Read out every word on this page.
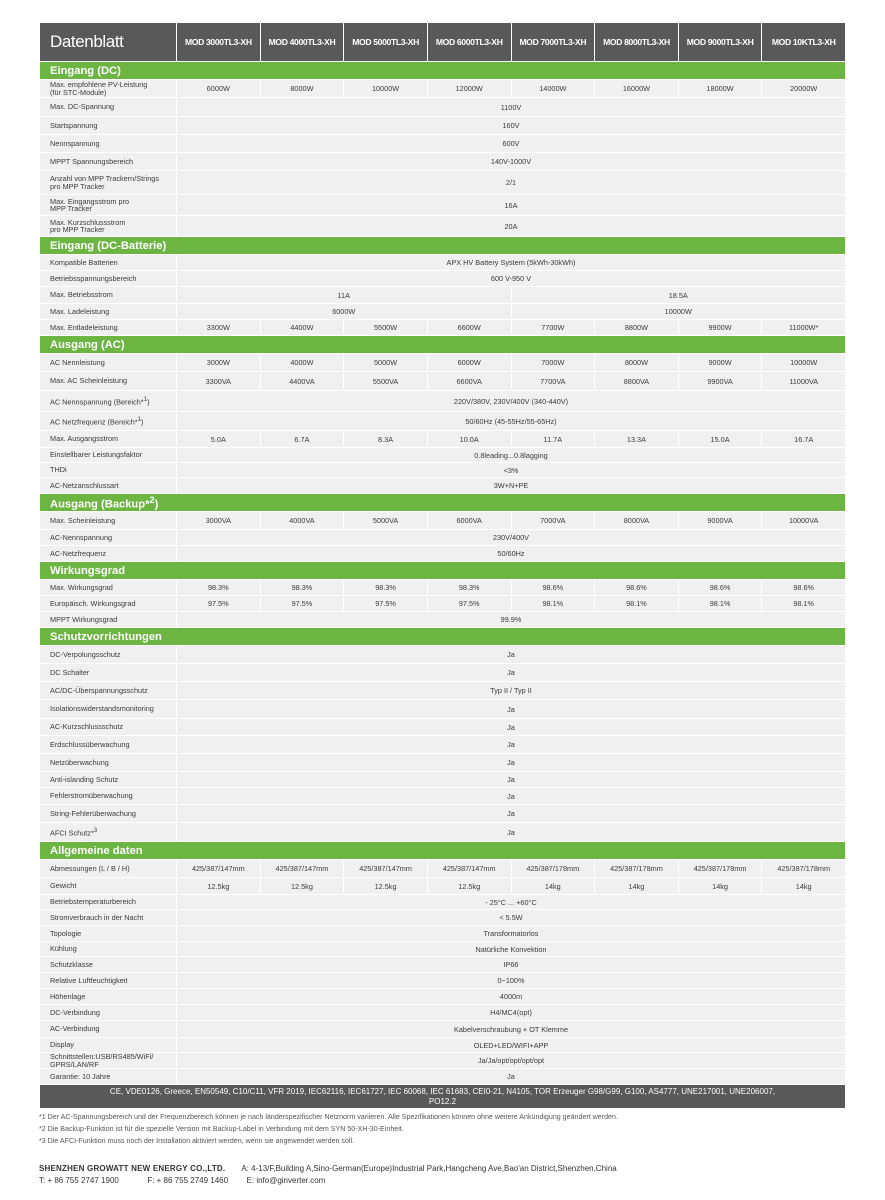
Datenblatt	MOD 3000TL3-XH	MOD 4000TL3-XH	MOD 5000TL3-XH	MOD 6000TL3-XH	MOD 7000TL3-XH	MOD 8000TL3-XH	MOD 9000TL3-XH	MOD 10KTL3-XH
Eingang (DC)								
Max. empfohlene PV-Leistung
(für STC-Module)	6000W	8000W	10000W	12000W	14000W	16000W	18000W	20000W
Max. DC-Spannung	1100V							
Startspannung	160V							
Nennspannung	600V							
MPPT Spannungsbereich	140V-1000V							
Anzahl von MPP Trackern/Strings
pro MPP Tracker	2/1							
Max. Eingangsstrom pro
MPP Tracker	16A							
Max. Kurzschlussstrom
pro MPP Tracker	20A							
Eingang (DC-Batterie)								
Kompatible Batterien	APX HV Battery System (5kWh-30kWh)							
Betriebsspannungsbereich	600 V-950 V							
Max. Betriebsstrom	11A				18.5A			
Max. Ladeleistung	6000W				10000W			
Max. Entladeleistung	3300W	4400W	5500W	6600W	7700W	8800W	9900W	11000W*
Ausgang (AC)								
AC Nennleistung	3000W	4000W	5000W	6000W	7000W	8000W	9000W	10000W
Max. AC Scheinleistung	3300VA	4400VA	5500VA	6600VA	7700VA	8800VA	9900VA	11000VA
AC Nennspannung (Bereich*$^1$)	220V/380V, 230V/400V (340-440V)							
AC Netzfrequenz (Bereich*$^1$)	50/60Hz (45-55Hz/55-65Hz)							
Max. Ausgangsstrom	5.0A	6.7A	8.3A	10.0A	11.7A	13.3A	15.0A	16.7A
Einstellbarer Leistungsfaktor	0.8leading...0.8lagging							
THDi	<3%							
AC-Netzanschlussart	3W+N+PE							
Ausgang (Backup*$^2$)								
Max. Scheinleistung	3000VA	4000VA	5000VA	6000VA	7000VA	8000VA	9000VA	10000VA
AC-Nennspannung	230V/400V							
AC-Netzfrequenz	50/60Hz							
Wirkungsgrad								
Max. Wirkungsgrad	98.3%	98.3%	98.3%	98.3%	98.6%	98.6%	98.6%	98.6%
Europäisch. Wirkungsgrad	97.5%	97.5%	97.5%	97.5%	98.1%	98.1%	98.1%	98.1%
MPPT Wirkungsgrad	99.9%							
Schutzvorrichtungen								
DC-Verpolungsschutz	Ja							
DC Schalter	Ja							
AC/DC-Überspannungsschutz	Typ II / Typ II							
Isolationswiderstandsmonitoring	Ja							
AC-Kurzschlussschutz	Ja							
Erdschlussüberwachung	Ja							
Netzüberwachung	Ja							
Anti-islanding Schutz	Ja							
Fehlerstromüberwachung	Ja							
String-Fehlerüberwachung	Ja							
AFCI Schutz*$^3$	Ja							
Allgemeine daten								
Abmessungen (L / B / H)	425/387/147mm	425/387/147mm	425/387/147mm	425/387/147mm	425/387/178mm	425/387/178mm	425/387/178mm	425/387/178mm
Gewicht	12.5kg	12.5kg	12.5kg	12.5kg	14kg	14kg	14kg	14kg
Betriebstemperaturbereich	- 25°C ... +60°C							
Stromverbrauch in der Nacht	< 5.5W							
Topologie	Transformatorlos							
Kühlung	Natürliche Konvektion							
Schutzklasse	IP66							
Relative Luftfeuchtigkeit	0~100%							
Höhenlage	4000m							
DC-Verbindung	H4/MC4(opt)							
AC-Verbindung	Kabelverschraubung + OT Klemme							
Display	OLED+LED/WIFI+APP							
Schnittstellen:USB/RS485/WiFi/
GPRS/LAN/RF	Ja/Ja/opt/opt/opt/opt							
Garantie: 10 Jahre	Ja							
CE, VDE0126, Greece, EN50549, C10/C11, VFR 2019, IEC62116, IEC61727, IEC 60068, IEC 61683, CEI0-21, N4105, TOR Erzeuger G98/G99, G100, AS4777, UNE217001, UNE206007, PO12.2								
*1 Der AC-Spannungsbereich und der Frequenzbereich können je nach länderspezifischer Netznorm variieren. Alle Spezifikationen können ohne weitere Ankündigung geändert werden.
*2 Die Backup-Funktion ist für die spezielle Version mit Backup-Label in Verbindung mit dem SYN 50-XH-30-Einheit.
*3 Die AFCI-Funktion muss noch der Installation aktiviert werden, wenn sie angewendet werden soll.
SHENZHEN GROWATT NEW ENERGY CO.,LTD. A: 4-13/F,Building A,Sino-German(Europe)Industrial Park,Hangcheng Ave,Bao'an District,Shenzhen,China
T: + 86 755 2747 1900	F: + 86 755 2749 1460 E: info@ginverter.com
